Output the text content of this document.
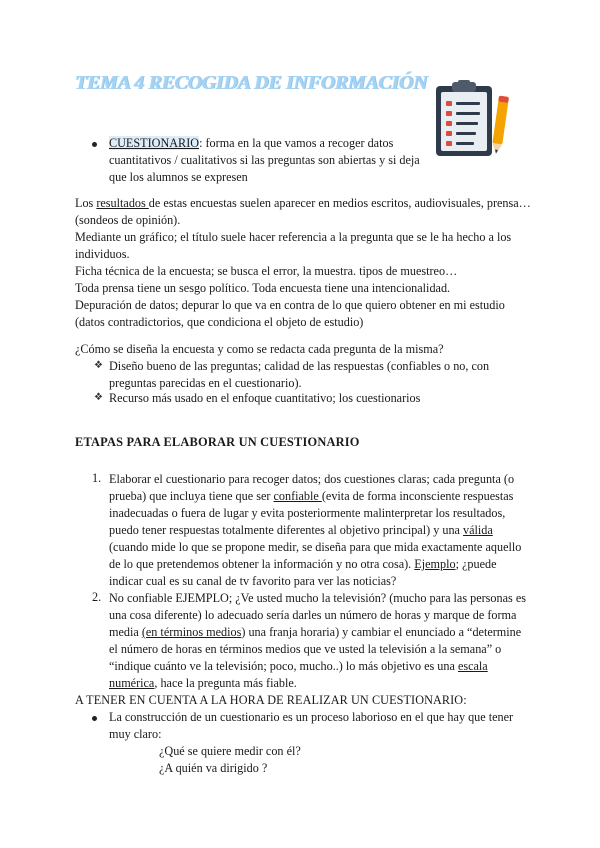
TEMA 4 RECOGIDA DE INFORMACIÓN
CUESTIONARIO: forma en la que vamos a recoger datos
cuantitativos / cualitativos si las preguntas son abiertas y si deja
que los alumnos se expresen
Los resultados de estas encuestas suelen aparecer en medios escritos, audiovisuales, prensa…
(sondeos de opinión).
Mediante un gráfico; el título suele hacer referencia a la pregunta que se le ha hecho a los
individuos.
Ficha técnica de la encuesta; se busca el error, la muestra. tipos de muestreo…
Toda prensa tiene un sesgo político. Toda encuesta tiene una intencionalidad.
Depuración de datos; depurar lo que va en contra de lo que quiero obtener en mi estudio
(datos contradictorios, que condiciona el objeto de estudio)
¿Cómo se diseña la encuesta y como se redacta cada pregunta de la misma?
❖ Diseño bueno de las preguntas; calidad de las respuestas (confiables o no, con
preguntas parecidas en el cuestionario).
❖ Recurso más usado en el enfoque cuantitativo; los cuestionarios
ETAPAS PARA ELABORAR UN CUESTIONARIO
1. Elaborar el cuestionario para recoger datos; dos cuestiones claras; cada pregunta (o
prueba) que incluya tiene que ser confiable (evita de forma inconsciente respuestas
inadecuadas o fuera de lugar y evita posteriormente malinterpretar los resultados,
puedo tener respuestas totalmente diferentes al objetivo principal) y una válida
(cuando mide lo que se propone medir, se diseña para que mida exactamente aquello
de lo que pretendemos obtener la información y no otra cosa). Ejemplo; ¿puede
indicar cual es su canal de tv favorito para ver las noticias?
2. No confiable EJEMPLO; ¿Ve usted mucho la televisión? (mucho para las personas es
una cosa diferente) lo adecuado sería darles un número de horas y marque de forma
media (en términos medios) una franja horaria) y cambiar el enunciado a “determine
el número de horas en términos medios que ve usted la televisión a la semana” o
“indique cuánto ve la televisión; poco, mucho..) lo más objetivo es una escala
numérica, hace la pregunta más fiable.
A TENER EN CUENTA A LA HORA DE REALIZAR UN CUESTIONARIO:
La construcción de un cuestionario es un proceso laborioso en el que hay que tener
muy claro:
¿Qué se quiere medir con él?
¿A quién va dirigido ?
